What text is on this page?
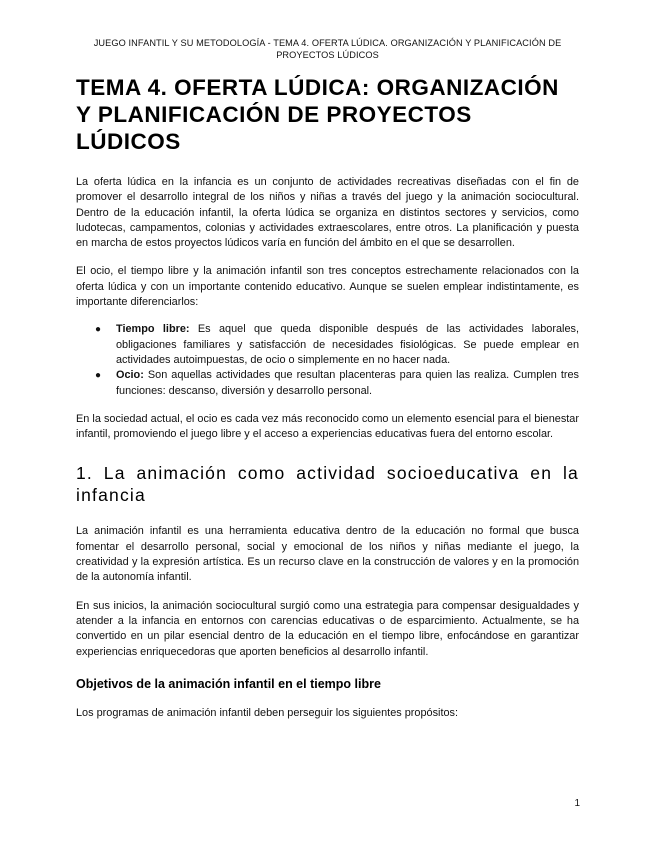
JUEGO INFANTIL Y SU METODOLOGÍA - TEMA 4. OFERTA LÚDICA. ORGANIZACIÓN Y PLANIFICACIÓN DE PROYECTOS LÚDICOS
TEMA 4. OFERTA LÚDICA: ORGANIZACIÓN Y PLANIFICACIÓN DE PROYECTOS LÚDICOS

La oferta lúdica en la infancia es un conjunto de actividades recreativas diseñadas con el fin de promover el desarrollo integral de los niños y niñas a través del juego y la animación sociocultural. Dentro de la educación infantil, la oferta lúdica se organiza en distintos sectores y servicios, como ludotecas, campamentos, colonias y actividades extraescolares, entre otros. La planificación y puesta en marcha de estos proyectos lúdicos varía en función del ámbito en el que se desarrollen.

El ocio, el tiempo libre y la animación infantil son tres conceptos estrechamente relacionados con la oferta lúdica y con un importante contenido educativo. Aunque se suelen emplear indistintamente, es importante diferenciarlos:

● Tiempo libre: Es aquel que queda disponible después de las actividades laborales, obligaciones familiares y satisfacción de necesidades fisiológicas. Se puede emplear en actividades autoimpuestas, de ocio o simplemente en no hacer nada.
● Ocio: Son aquellas actividades que resultan placenteras para quien las realiza. Cumplen tres funciones: descanso, diversión y desarrollo personal.

En la sociedad actual, el ocio es cada vez más reconocido como un elemento esencial para el bienestar infantil, promoviendo el juego libre y el acceso a experiencias educativas fuera del entorno escolar.

1. La animación como actividad socioeducativa en la infancia

La animación infantil es una herramienta educativa dentro de la educación no formal que busca fomentar el desarrollo personal, social y emocional de los niños y niñas mediante el juego, la creatividad y la expresión artística. Es un recurso clave en la construcción de valores y en la promoción de la autonomía infantil.

En sus inicios, la animación sociocultural surgió como una estrategia para compensar desigualdades y atender a la infancia en entornos con carencias educativas o de esparcimiento. Actualmente, se ha convertido en un pilar esencial dentro de la educación en el tiempo libre, enfocándose en garantizar experiencias enriquecedoras que aporten beneficios al desarrollo infantil.

Objetivos de la animación infantil en el tiempo libre

Los programas de animación infantil deben perseguir los siguientes propósitos:

1
